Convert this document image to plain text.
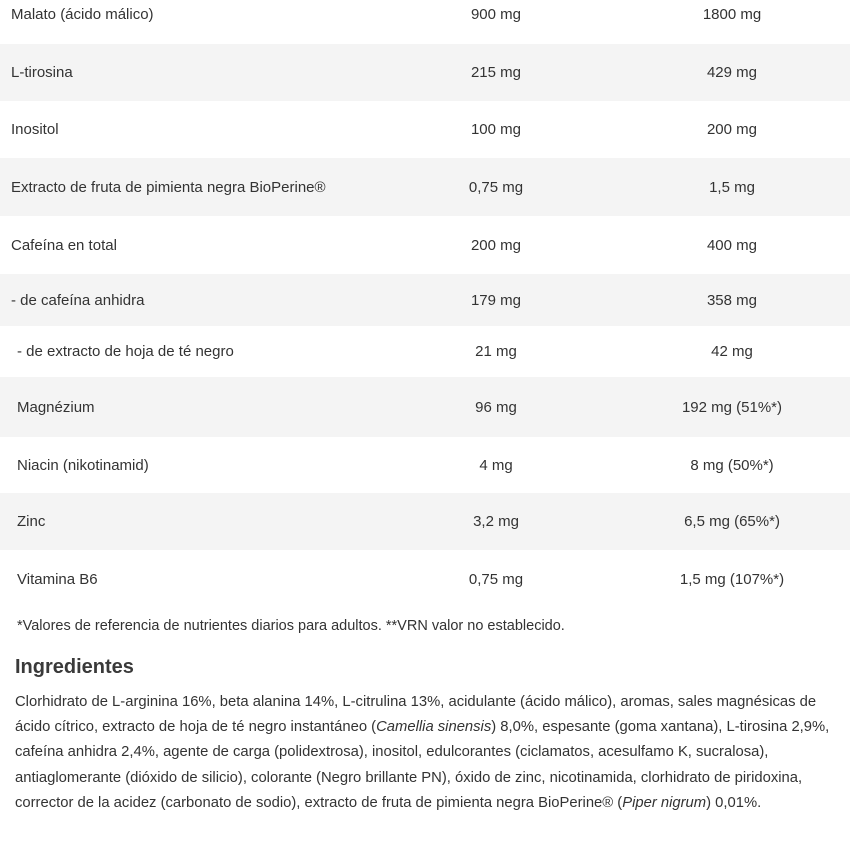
Malato (ácido málico)	900 mg	1800 mg
L-tirosina	215 mg	429 mg
Inositol	100 mg	200 mg
Extracto de fruta de pimienta negra BioPerine®	0,75 mg	1,5 mg
Cafeína en total	200 mg	400 mg
- de cafeína anhidra	179 mg	358 mg
- de extracto de hoja de té negro	21 mg	42 mg
Magnézium	96 mg	192 mg (51%*)
Niacin (nikotinamid)	4 mg	8 mg (50%*)
Zinc	3,2 mg	6,5 mg (65%*)
Vitamina B6	0,75 mg	1,5 mg (107%*)
*Valores de referencia de nutrientes diarios para adultos. **VRN valor no establecido.
Ingredientes
Clorhidrato de L-arginina 16%, beta alanina 14%, L-citrulina 13%, acidulante (ácido málico), aromas, sales magnésicas de ácido cítrico, extracto de hoja de té negro instantáneo (Camellia sinensis) 8,0%, espesante (goma xantana), L-tirosina 2,9%, cafeína anhidra 2,4%, agente de carga (polidextrosa), inositol, edulcorantes (ciclamatos, acesulfamo K, sucralosa), antiaglomerante (dióxido de silicio), colorante (Negro brillante PN), óxido de zinc, nicotinamida, clorhidrato de piridoxina, corrector de la acidez (carbonato de sodio), extracto de fruta de pimienta negra BioPerine® (Piper nigrum) 0,01%.
